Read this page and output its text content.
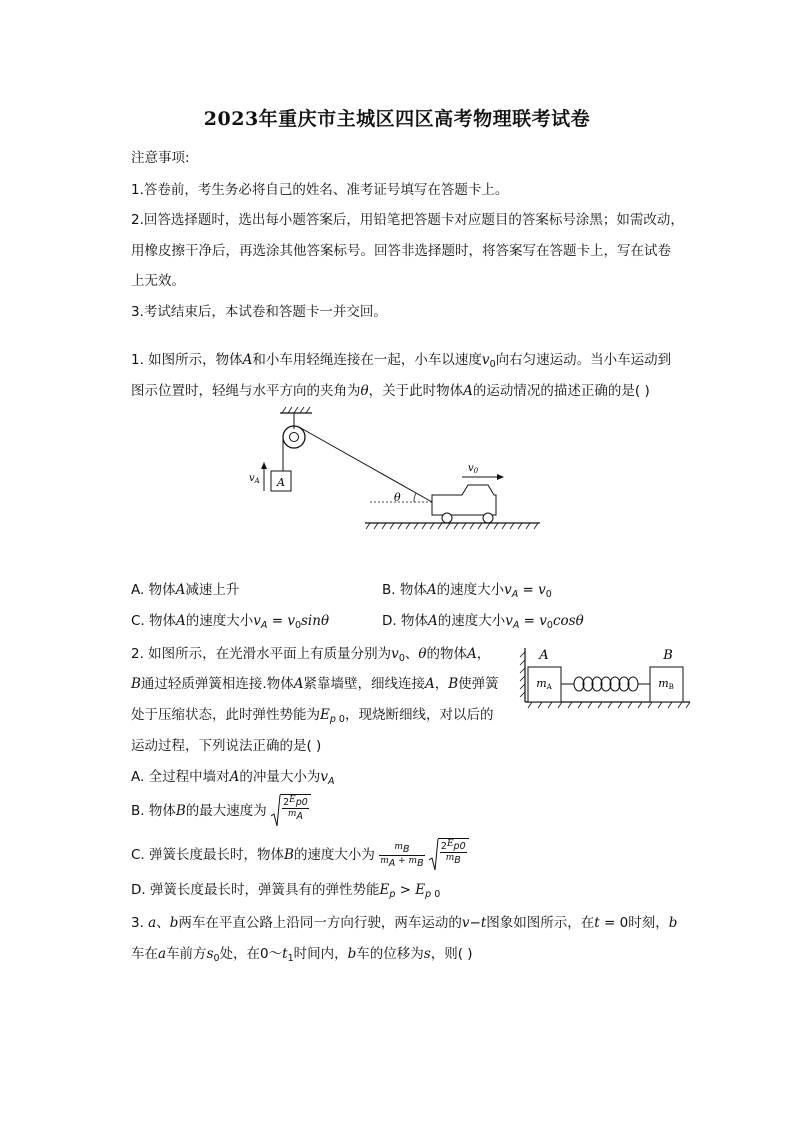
2023年重庆市主城区四区高考物理联考试卷
注意事项:
1.答卷前，考生务必将自己的姓名、准考证号填写在答题卡上。
2.回答选择题时，选出每小题答案后，用铅笔把答题卡对应题目的答案标号涂黑；如需改动，
用橡皮擦干净后，再选涂其他答案标号。回答非选择题时，将答案写在答题卡上，写在试卷
上无效。
3.考试结束后，本试卷和答题卡一并交回。
1. 如图所示，物体A和小车用轻绳连接在一起，小车以速度$v_0$向右匀速运动。当小车运动到
图示位置时，轻绳与水平方向的夹角为θ，关于此时物体A的运动情况的描述正确的是( )
A
$v_A$
θ
$v_0$
A. 物体A减速上升	B. 物体A的速度大小$v_A = v_0$
C. 物体A的速度大小$v_A = v_0\sin\theta$	D. 物体A的速度大小$v_A = v_0\cos\theta$
2. 如图所示，在光滑水平面上有质量分别为$v_0$、θ的物体A，
B通过轻质弹簧相连接.物体A紧靠墙壁，细线连接A，B使弹簧
处于压缩状态，此时弹性势能为$E_p$ $_0$，现烧断细线，对以后的
运动过程，下列说法正确的是( )
mA
A
mB
B
A. 全过程中墙对A的冲量大小为$v_A$
B. 物体B的最大速度为 $\frac{2Ep0}{mA}$
C. 弹簧长度最长时，物体B的速度大小为 $\frac{mB}{mA + mB}$
$\frac{2Ep0}{mB}$
D. 弹簧长度最长时，弹簧具有的弹性势能$E_p > E_p$ $_0$
3. a、b两车在平直公路上沿同一方向行驶，两车运动的v−t图象如图所示，在t = 0时刻，b
车在a车前方$s_0$处，在$0\sim t_1$时间内，b车的位移为s，则( )
